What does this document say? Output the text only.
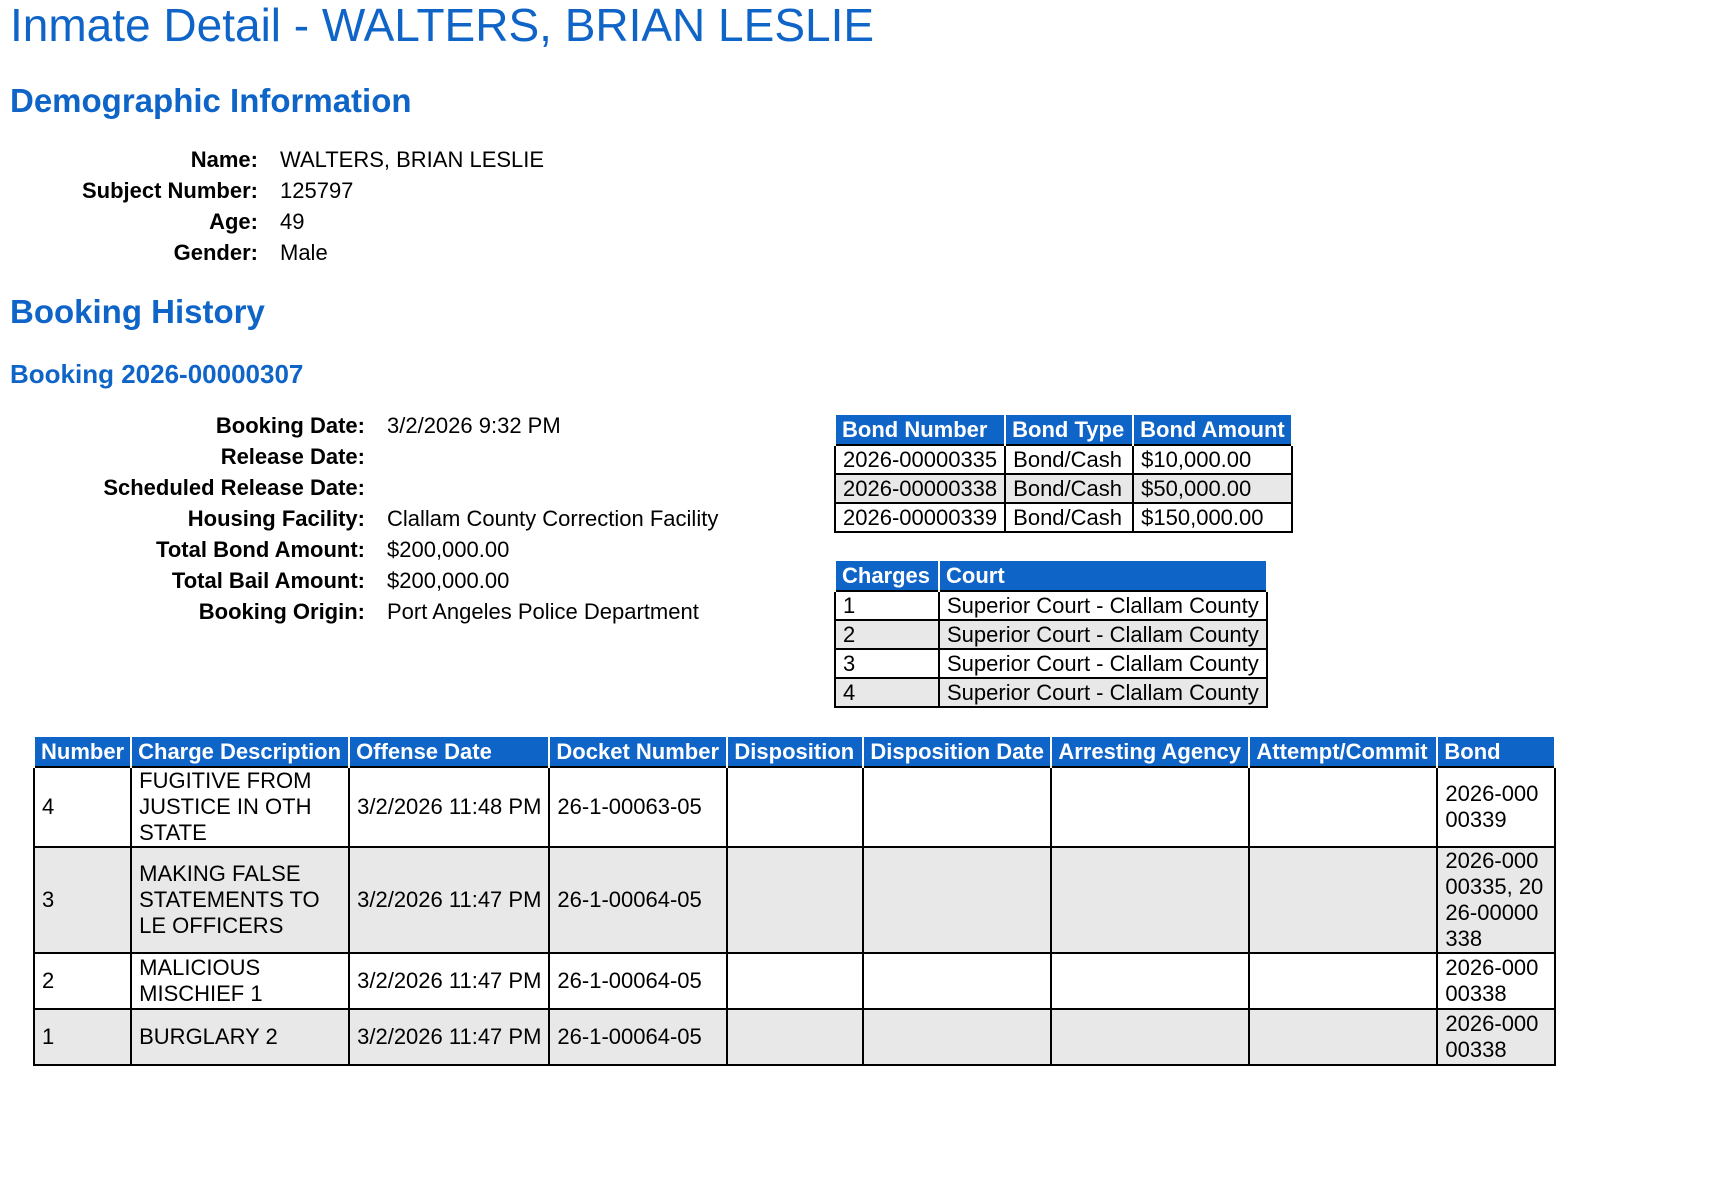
Inmate Detail - WALTERS, BRIAN LESLIE
Demographic Information
Name:	WALTERS, BRIAN LESLIE
Subject Number:	125797
Age:	49
Gender:	Male
Booking History
Booking 2026-00000307
Booking Date:	3/2/2026 9:32 PM
Release Date:
Scheduled Release Date:
Housing Facility:	Clallam County Correction Facility
Total Bond Amount:	$200,000.00
Total Bail Amount:	$200,000.00
Booking Origin:	Port Angeles Police Department
Bond Number	Bond Type	Bond Amount
2026-00000335	Bond/Cash	$10,000.00
2026-00000338	Bond/Cash	$50,000.00
2026-00000339	Bond/Cash	$150,000.00
Charges	Court
1	Superior Court - Clallam County
2	Superior Court - Clallam County
3	Superior Court - Clallam County
4	Superior Court - Clallam County
Number	Charge Description	Offense Date	Docket Number	Disposition	Disposition Date	Arresting Agency	Attempt/Commit	Bond
4	FUGITIVE FROM JUSTICE IN OTH STATE	3/2/2026 11:48 PM	26-1-00063-05					2026-00000339
3	MAKING FALSE STATEMENTS TO LE OFFICERS	3/2/2026 11:47 PM	26-1-00064-05					2026-00000335, 2026-00000338
2	MALICIOUS MISCHIEF 1	3/2/2026 11:47 PM	26-1-00064-05					2026-00000338
1	BURGLARY 2	3/2/2026 11:47 PM	26-1-00064-05					2026-00000338
